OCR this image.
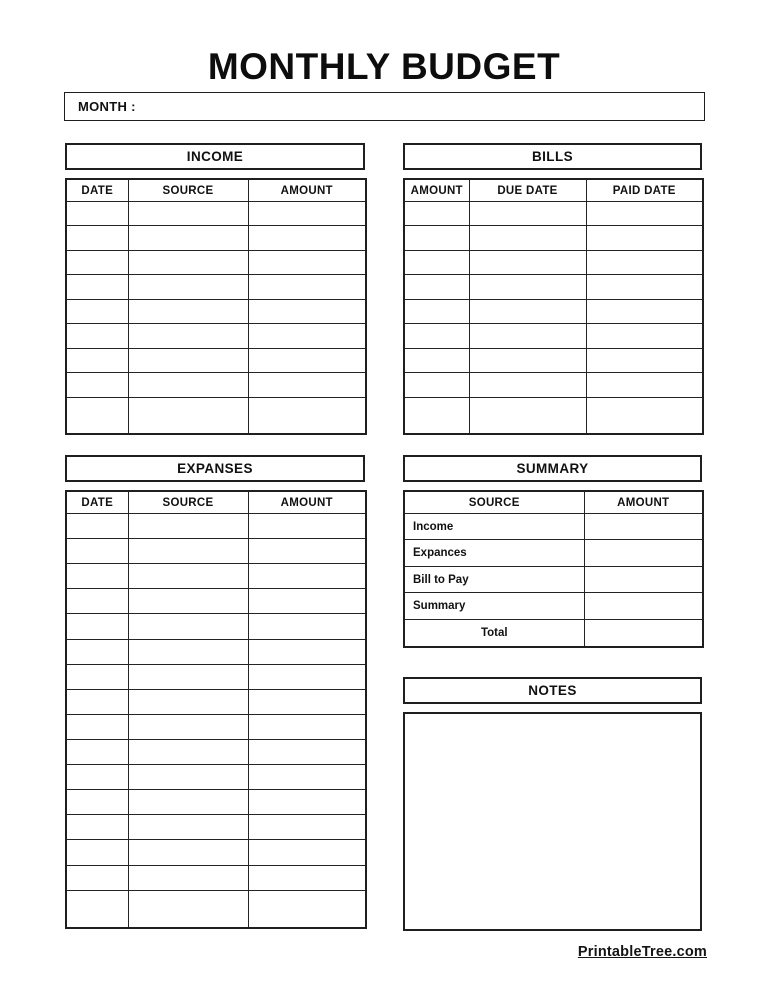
MONTHLY BUDGET
MONTH :
INCOME
DATE	SOURCE	AMOUNT

BILLS
AMOUNT	DUE DATE	PAID DATE

EXPANSES
DATE	SOURCE	AMOUNT

SUMMARY
SOURCE	AMOUNT
Income	
Expances	
Bill to Pay	
Summary	
Total	
NOTES
PrintableTree.com
